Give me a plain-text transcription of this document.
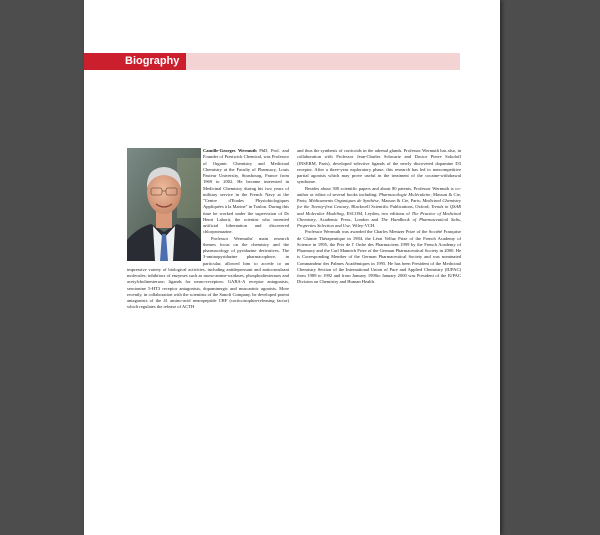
Biography

Camille-Georges Wermuth PhD, Prof. and Founder of Prestwick Chemical, was Professor of Organic Chemistry and Medicinal Chemistry at the Faculty of Pharmacy, Louis Pasteur University, Strasbourg, France from 1969 to 2002. He became interested in Medicinal Chemistry during his two years of military service in the French Navy at the "Centre d'Etudes Physiobiologiques Appliquées à la Marine" in Toulon. During this time he worked under the supervision of Dr Henri Laborit, the scientist who invented artificial hibernation and discovered chlorpromazine.

Professor Wermuths' main research themes focus on the chemistry and the pharmacology of pyridazine derivatives. The 3-aminopyridazine pharmacophore, in particular, allowed him to accede to an impressive variety of biological activities, including antidepressant and anticonvulsant molecules; inhibitors of enzymes such as mono-amine-oxidases, phosphodiesterases and acetylcholinesterase; ligands for neuro-receptors: GABA-A receptor antagonists, serotonine 5-HT3 receptor antagonists, dopaminergic and muscarinic agonists. More recently, in collaboration with the scientists of the Sanofi Company, he developed potent antagonists of the 41 amino-acid neuropeptide CRF (corticotrophin-releasing factor) which regulates the release of ACTH

and thus the synthesis of corticoids in the adrenal glands. Professor Wermuth has also, in collaboration with Professor Jean-Charles Schwartz and Doctor Pierre Sokoloff (INSERM, Paris), developed selective ligands of the newly discovered dopamine D3 receptor. After a three-year exploratory phase, this research has led to noncompetitive partial agonists which may prove useful in the treatment of the cocaine-withdrawal syndrome.

Besides about 300 scientific papers and about 80 patents, Professor Wermuth is co-author or editor of several books including: Pharmacologie Moléculaire, Masson & Cie, Paris; Médicaments Organiques de Synthèse, Masson & Cie, Paris; Medicinal Chemistry for the Twenty-first Century, Blackwell Scientific Publications, Oxford; Trends in QSAR and Molecular Modeling, ESCOM, Leyden, two editions of The Practice of Medicinal Chemistry, Academic Press, London and The Handbook of Pharmaceutical Salts, Properties Selection and Use, Wiley-VCH.

Professor Wermuth was awarded the Charles Mentzer Prize of the Société Française de Chimie Thérapeutique in 1984, the Léon Velluz Prize of the French Academy of Science in 1995, the Prix de l' Ordre des Pharmaciens 1999 by the French Academy of Pharmacy and the Carl Mannich Prize of the German Pharmaceutical Society in 2000. He is Corresponding Member of the German Pharmaceutical Society and was nominated Commandeur des Palmes Académiques in 1995. He has been President of the Medicinal Chemistry Section of the International Union of Pure and Applied Chemistry (IUPAC) from 1988 to 1992 and from January 1998to January 2000 was President of the IUPAC Division on Chemistry and Human Health.
